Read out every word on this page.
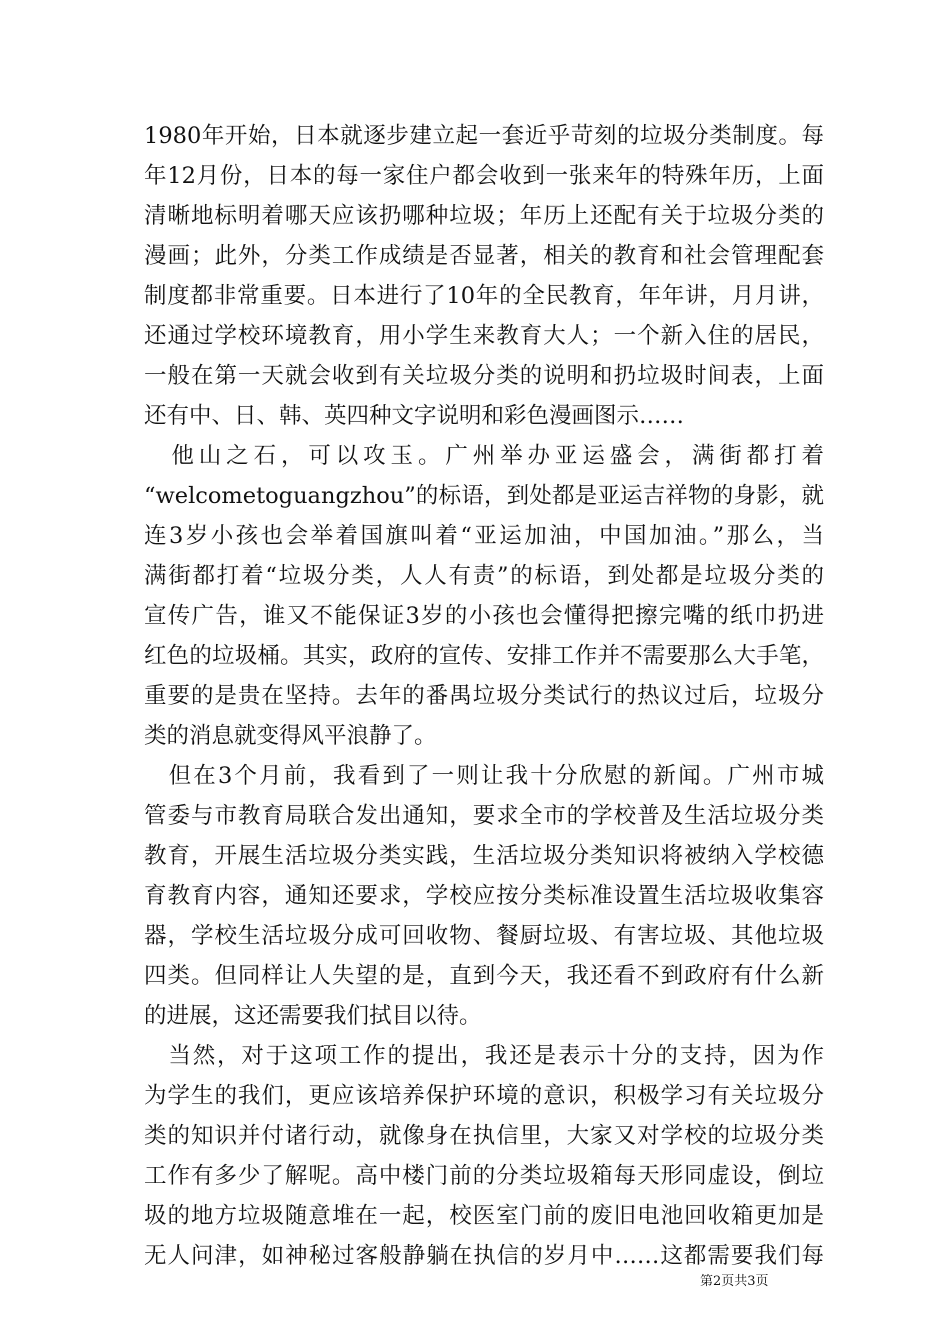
1980年开始，日本就逐步建立起一套近乎苛刻的垃圾分类制度。每
年12月份，日本的每一家住户都会收到一张来年的特殊年历，上面
清晰地标明着哪天应该扔哪种垃圾；年历上还配有关于垃圾分类的
漫画；此外，分类工作成绩是否显著，相关的教育和社会管理配套
制度都非常重要。日本进行了10年的全民教育，年年讲，月月讲，
还通过学校环境教育，用小学生来教育大人；一个新入住的居民，
一般在第一天就会收到有关垃圾分类的说明和扔垃圾时间表，上面
还有中、日、韩、英四种文字说明和彩色漫画图示……
　他山之石，可以攻玉。广州举办亚运盛会，满街都打着
“welcometoguangzhou”的标语，到处都是亚运吉祥物的身影，就
连3岁小孩也会举着国旗叫着“亚运加油，中国加油。”那么，当
满街都打着“垃圾分类，人人有责”的标语，到处都是垃圾分类的
宣传广告，谁又不能保证3岁的小孩也会懂得把擦完嘴的纸巾扔进
红色的垃圾桶。其实，政府的宣传、安排工作并不需要那么大手笔，
重要的是贵在坚持。去年的番禺垃圾分类试行的热议过后，垃圾分
类的消息就变得风平浪静了。
　但在3个月前，我看到了一则让我十分欣慰的新闻。广州市城
管委与市教育局联合发出通知，要求全市的学校普及生活垃圾分类
教育，开展生活垃圾分类实践，生活垃圾分类知识将被纳入学校德
育教育内容，通知还要求，学校应按分类标准设置生活垃圾收集容
器，学校生活垃圾分成可回收物、餐厨垃圾、有害垃圾、其他垃圾
四类。但同样让人失望的是，直到今天，我还看不到政府有什么新
的进展，这还需要我们拭目以待。
　当然，对于这项工作的提出，我还是表示十分的支持，因为作
为学生的我们，更应该培养保护环境的意识，积极学习有关垃圾分
类的知识并付诸行动，就像身在执信里，大家又对学校的垃圾分类
工作有多少了解呢。高中楼门前的分类垃圾箱每天形同虚设，倒垃
圾的地方垃圾随意堆在一起，校医室门前的废旧电池回收箱更加是
无人问津，如神秘过客般静躺在执信的岁月中……这都需要我们每
第2页共3页
